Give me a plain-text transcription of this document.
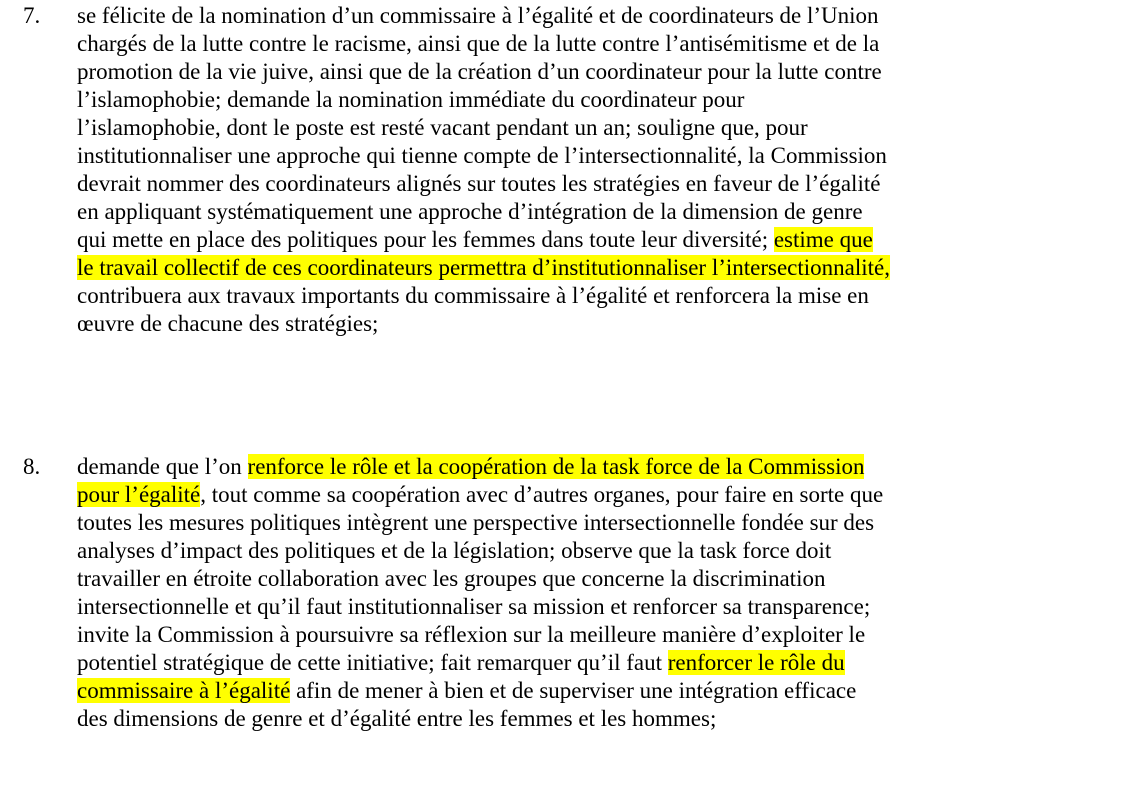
7. se félicite de la nomination d’un commissaire à l’égalité et de coordinateurs de l’Union
chargés de la lutte contre le racisme, ainsi que de la lutte contre l’antisémitisme et de la
promotion de la vie juive, ainsi que de la création d’un coordinateur pour la lutte contre
l’islamophobie; demande la nomination immédiate du coordinateur pour
l’islamophobie, dont le poste est resté vacant pendant un an; souligne que, pour
institutionnaliser une approche qui tienne compte de l’intersectionnalité, la Commission
devrait nommer des coordinateurs alignés sur toutes les stratégies en faveur de l’égalité
en appliquant systématiquement une approche d’intégration de la dimension de genre
qui mette en place des politiques pour les femmes dans toute leur diversité; estime que
le travail collectif de ces coordinateurs permettra d’institutionnaliser l’intersectionnalité,
contribuera aux travaux importants du commissaire à l’égalité et renforcera la mise en
œuvre de chacune des stratégies;
8. demande que l’on renforce le rôle et la coopération de la task force de la Commission
pour l’égalité, tout comme sa coopération avec d’autres organes, pour faire en sorte que
toutes les mesures politiques intègrent une perspective intersectionnelle fondée sur des
analyses d’impact des politiques et de la législation; observe que la task force doit
travailler en étroite collaboration avec les groupes que concerne la discrimination
intersectionnelle et qu’il faut institutionnaliser sa mission et renforcer sa transparence;
invite la Commission à poursuivre sa réflexion sur la meilleure manière d’exploiter le
potentiel stratégique de cette initiative; fait remarquer qu’il faut renforcer le rôle du
commissaire à l’égalité afin de mener à bien et de superviser une intégration efficace
des dimensions de genre et d’égalité entre les femmes et les hommes;
